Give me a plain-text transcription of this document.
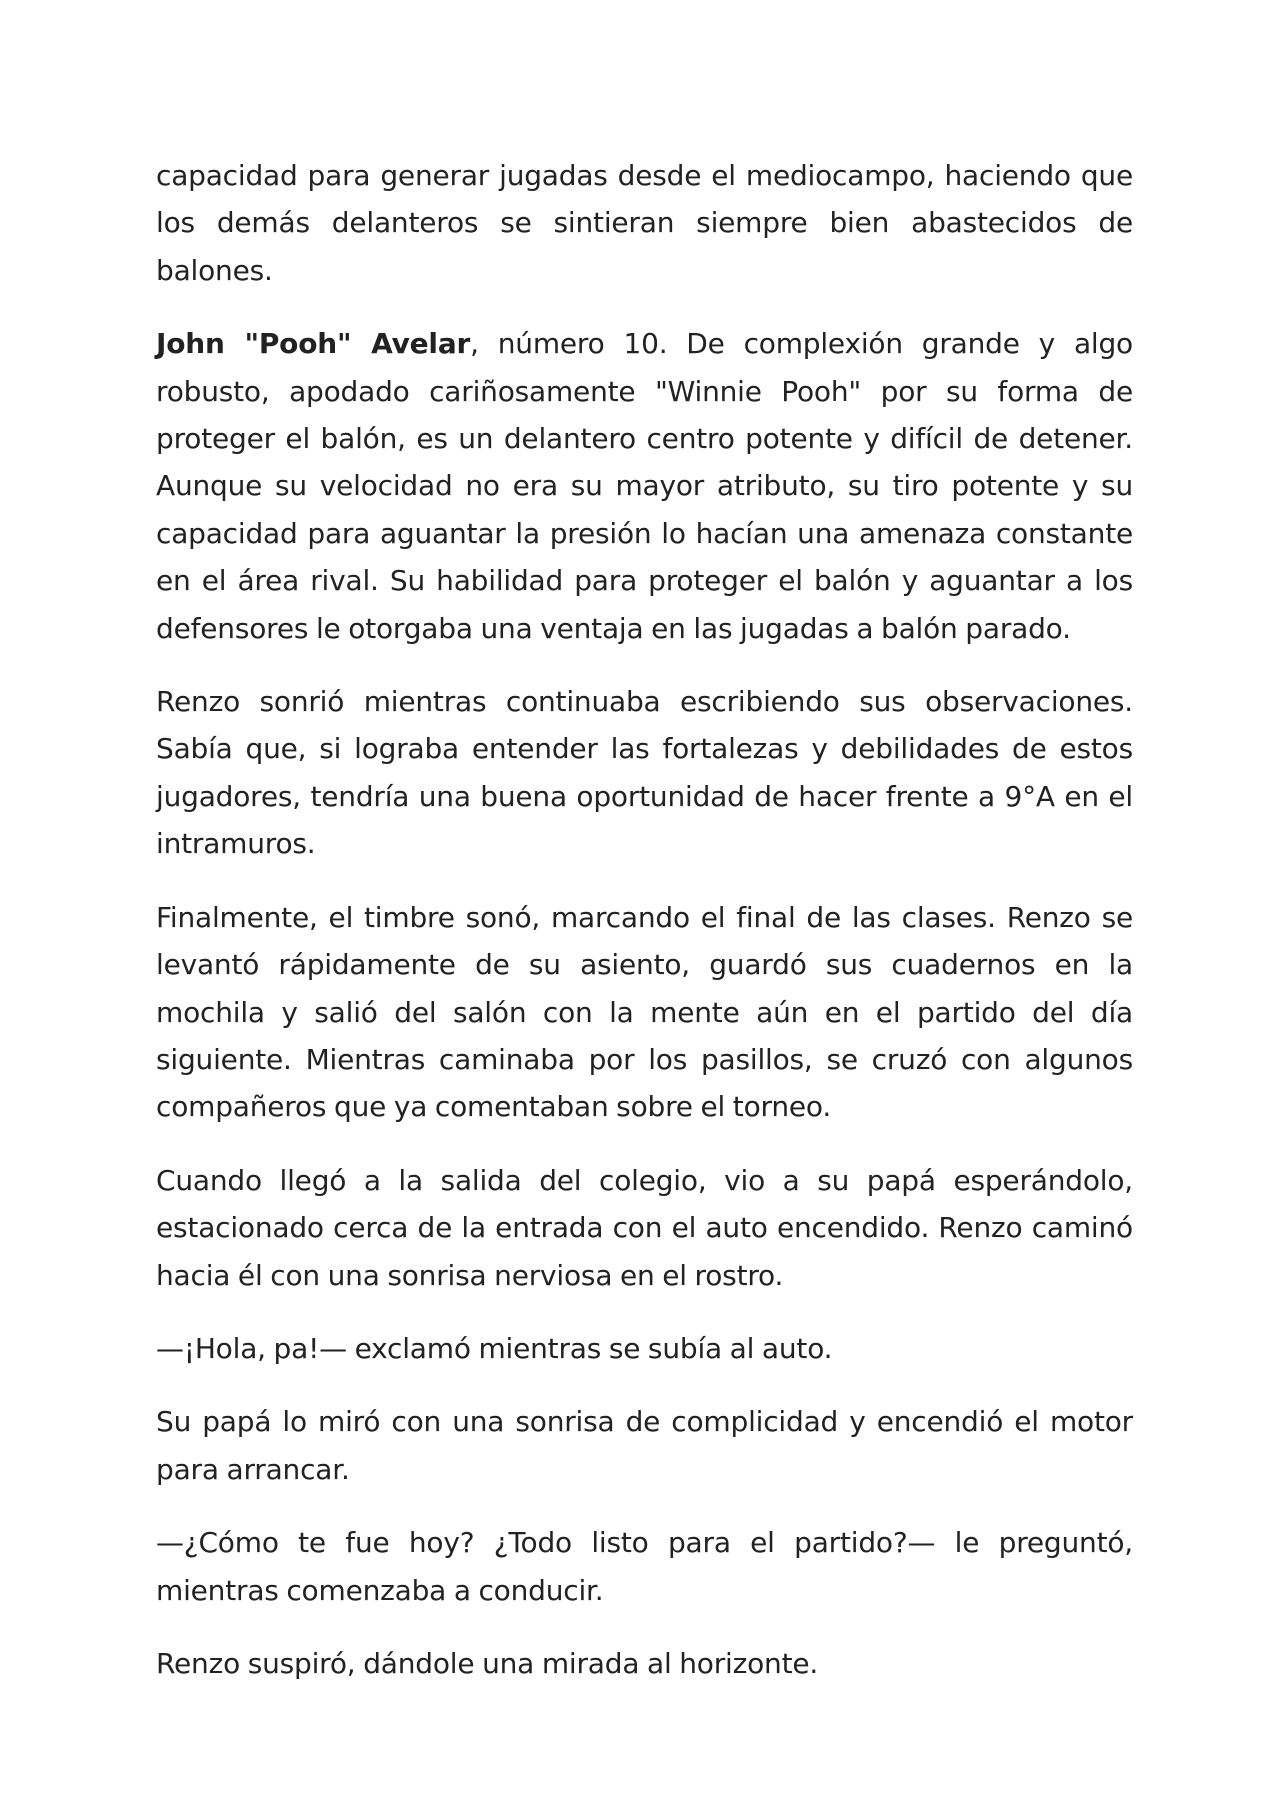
capacidad para generar jugadas desde el mediocampo, haciendo que los demás delanteros se sintieran siempre bien abastecidos de balones.

John "Pooh" Avelar, número 10. De complexión grande y algo robusto, apodado cariñosamente "Winnie Pooh" por su forma de proteger el balón, es un delantero centro potente y difícil de detener. Aunque su velocidad no era su mayor atributo, su tiro potente y su capacidad para aguantar la presión lo hacían una amenaza constante en el área rival. Su habilidad para proteger el balón y aguantar a los defensores le otorgaba una ventaja en las jugadas a balón parado.

Renzo sonrió mientras continuaba escribiendo sus observaciones. Sabía que, si lograba entender las fortalezas y debilidades de estos jugadores, tendría una buena oportunidad de hacer frente a 9°A en el intramuros.

Finalmente, el timbre sonó, marcando el final de las clases. Renzo se levantó rápidamente de su asiento, guardó sus cuadernos en la mochila y salió del salón con la mente aún en el partido del día siguiente. Mientras caminaba por los pasillos, se cruzó con algunos compañeros que ya comentaban sobre el torneo.

Cuando llegó a la salida del colegio, vio a su papá esperándolo, estacionado cerca de la entrada con el auto encendido. Renzo caminó hacia él con una sonrisa nerviosa en el rostro.

—¡Hola, pa!— exclamó mientras se subía al auto.

Su papá lo miró con una sonrisa de complicidad y encendió el motor para arrancar.

—¿Cómo te fue hoy? ¿Todo listo para el partido?— le preguntó, mientras comenzaba a conducir.

Renzo suspiró, dándole una mirada al horizonte.
